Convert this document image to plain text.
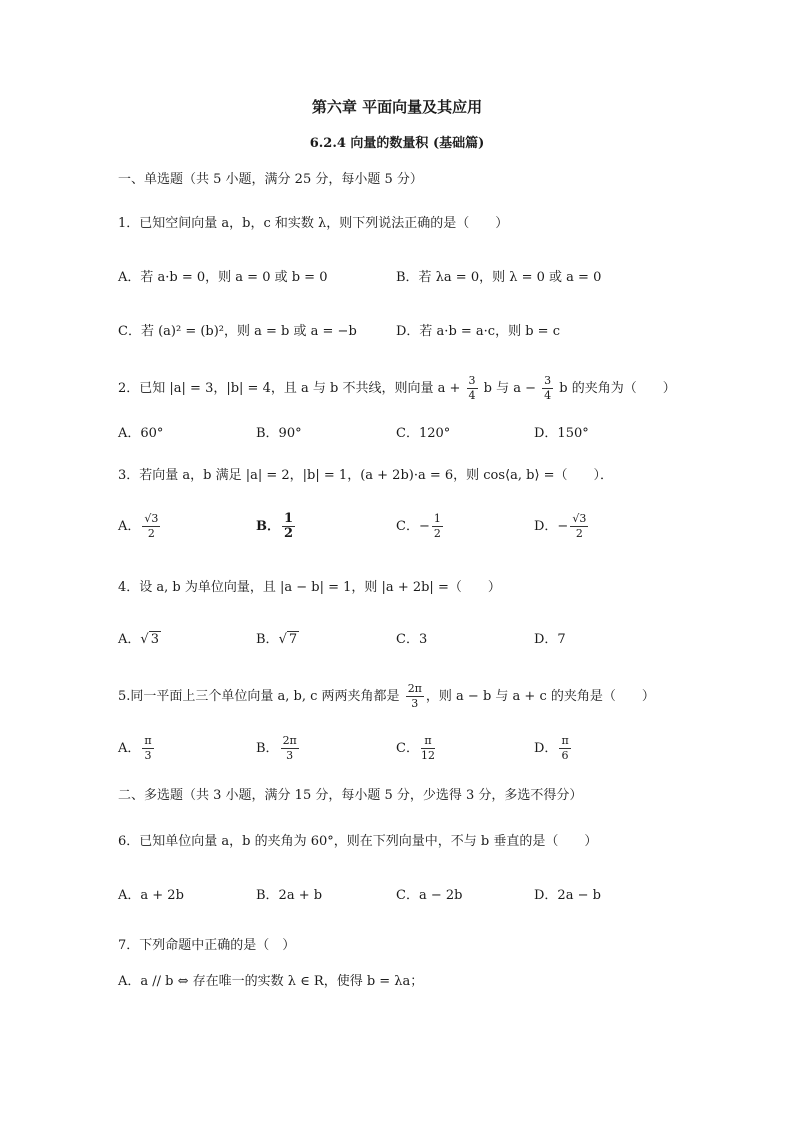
第六章 平面向量及其应用
6.2.4 向量的数量积 (基础篇)
一、单选题（共 5 小题，满分 25 分，每小题 5 分）
1．已知空间向量 a，b，c 和实数 λ，则下列说法正确的是（　　）
A．若 a·b = 0，则 a = 0 或 b = 0	B．若 λa = 0，则 λ = 0 或 a = 0
C．若 (a)² = (b)²，则 a = b 或 a = −b	D．若 a·b = a·c，则 b = c
2．已知 |a| = 3，|b| = 4，且 a 与 b 不共线，则向量 $a + \frac{3}{4}$ b 与 $a - \frac{3}{4}$ b 的夹角为（　　）
A．60°	B．90°	C．120°	D．150°
3．若向量 a，b 满足 |a| = 2，|b| = 1，(a + 2b)·a = 6，则 cos⟨a, b⟩ =（　　）．
A． $\frac{√3}{2}$	B． $\frac{1}{2}$	C．− $\frac{1}{2}$	D．− $\frac{√3}{2}$
4．设 a, b 为单位向量，且 |a − b| = 1，则 |a + 2b| =（　　）
A． √ 3	B． √ 7	C．3	D．7
5.同一平面上三个单位向量 a, b, c 两两夹角都是 $\frac{2\pi}{3}$ ，则 a − b 与 a + c 的夹角是（　　）
A． $\frac{\pi}{3}$	B． $\frac{2\pi}{3}$	C． $\frac{\pi}{12}$	D． $\frac{\pi}{6}$
二、多选题（共 3 小题，满分 15 分，每小题 5 分，少选得 3 分，多选不得分）
6．已知单位向量 a，b 的夹角为 60°，则在下列向量中，不与 b 垂直的是（　　）
A．a + 2b	B．2a + b	C．a − 2b	D．2a − b
7．下列命题中正确的是（　）
A．a // b ⇔ 存在唯一的实数 λ ∈ R，使得 b = λa；
